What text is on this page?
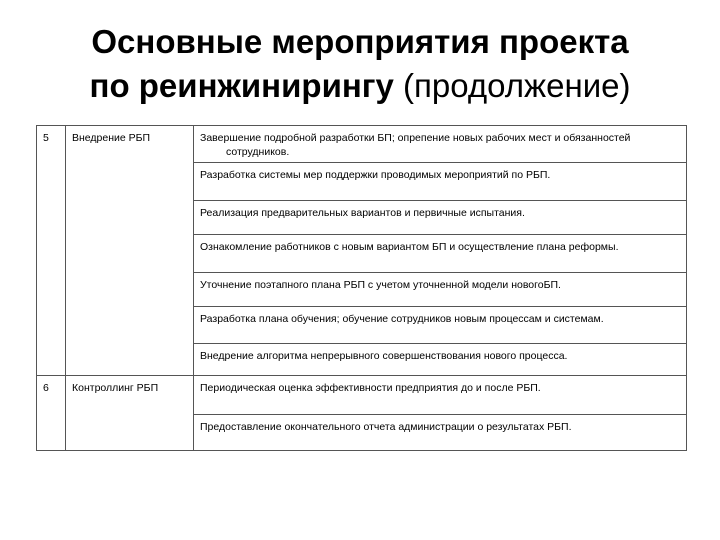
Основные мероприятия проекта
по реинжинирингу (продолжение)
5	Внедрение РБП	Завершение подробной разработки БП; опрепение новых рабочих мест и обязанностей сотрудников.

		Разработка системы мер поддержки проводимых мероприятий по РБП.

		Реализация предварительных вариантов и первичные испытания.

		Ознакомление работников с новым вариантом БП и осуществление плана реформы.

		Уточнение поэтапного плана РБП с учетом уточненной модели новогоБП.

		Разработка плана обучения; обучение сотрудников новым процессам и системам.

		Внедрение алгоритма непрерывного совершенствования нового процесса.

6	Контроллинг РБП	Периодическая оценка эффективности предприятия до и после РБП.

		Предоставление окончательного отчета администрации о результатах РБП.
